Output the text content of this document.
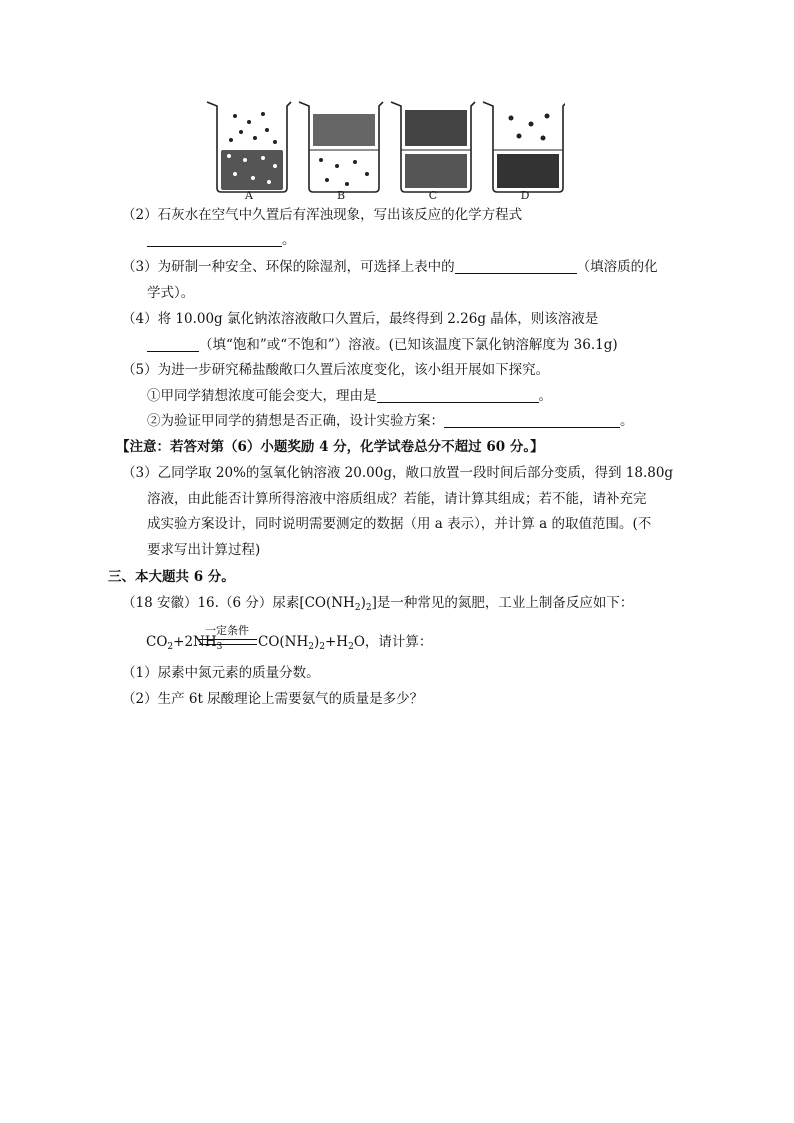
A	B	C	D
（2）石灰水在空气中久置后有浑浊现象，写出该反应的化学方程式
。
（3）为研制一种安全、环保的除湿剂，可选择上表中的	（填溶质的化
学式）。
（4）将 10.00g 氯化钠浓溶液敞口久置后，最终得到 2.26g 晶体，则该溶液是
（填“饱和”或“不饱和”）溶液。(已知该温度下氯化钠溶解度为 36.1g)
（5）为进一步研究稀盐酸敞口久置后浓度变化，该小组开展如下探究。
①甲同学猜想浓度可能会变大，理由是	。
②为验证甲同学的猜想是否正确，设计实验方案：	。
【注意：若答对第（6）小题奖励 4 分，化学试卷总分不超过 60 分。】
（3）乙同学取 20%的氢氧化钠溶液 20.00g，敞口放置一段时间后部分变质，得到 18.80g
溶液，由此能否计算所得溶液中溶质组成？若能，请计算其组成；若不能，请补充完
成实验方案设计，同时说明需要测定的数据（用 a 表示），并计算 a 的取值范围。(不
要求写出计算过程)
三、本大题共 6 分。
（18 安徽）16.（6 分）尿素$[CO(NH_2)_2]$是一种常见的氮肥，工业上制备反应如下：
一定条件
$CO_2+2NH_3$	$CO(NH_2)_2+H_2O$，请计算：
（1）尿素中氮元素的质量分数。
（2）生产 6t 尿酸理论上需要氨气的质量是多少？
